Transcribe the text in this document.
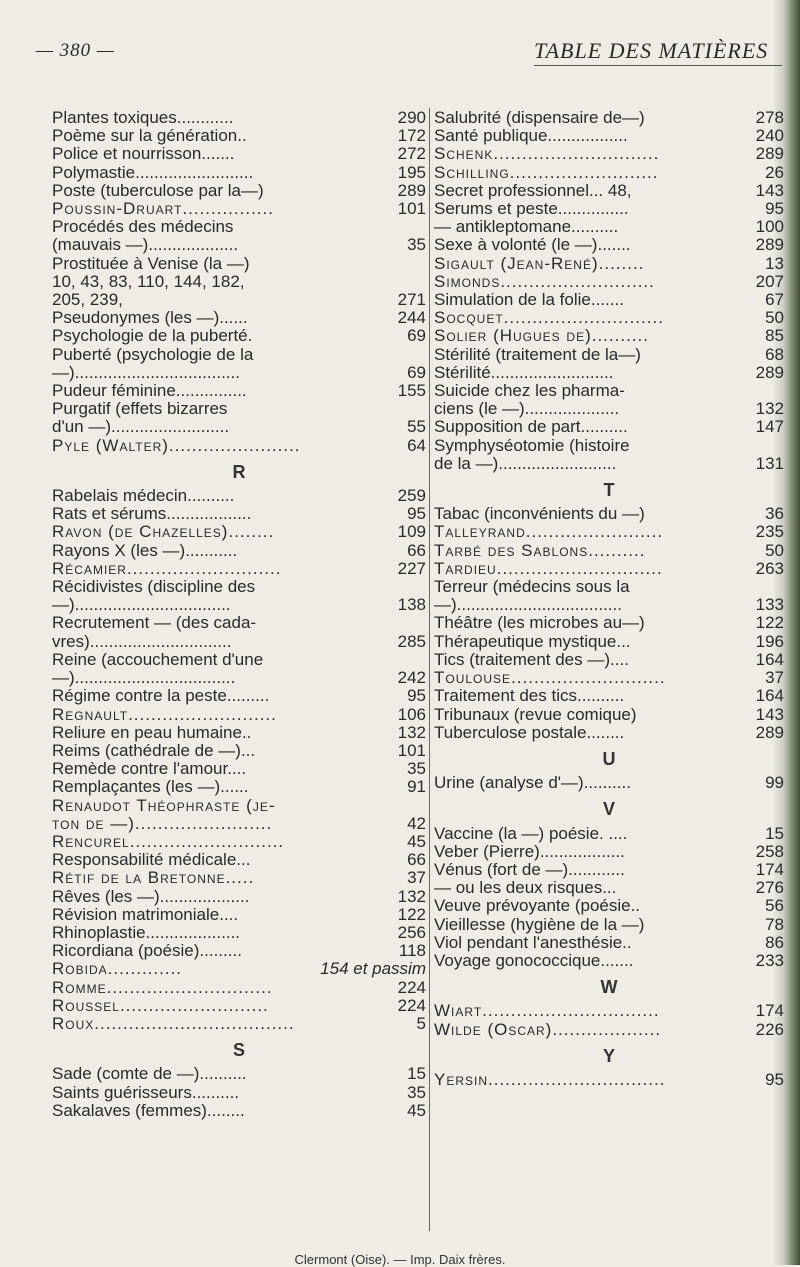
— 380 —	TABLE DES MATIÈRES
Plantes toxiques............	290
Poème sur la génération..	172
Police et nourrisson.......	272
Polymastie.........................	195
Poste (tuberculose par la—)	289
Poussin-Druart................	101
Procédés des médecins
(mauvais —)...................	35
Prostituée à Venise (la —)
10, 43, 83, 110, 144, 182,
205, 239,	271
Pseudonymes (les —)......	244
Psychologie de la puberté.	69
Puberté (psychologie de la
—)...................................	69
Pudeur féminine...............	155
Purgatif (effets bizarres
d'un —).........................	55
Pyle (Walter).......................	64
R
Rabelais médecin..........	259
Rats et sérums..................	95
Ravon (de Chazelles)........	109
Rayons X (les —)...........	66
Récamier...........................	227
Récidivistes (discipline des
—).................................	138
Recrutement — (des cada-
vres)..............................	285
Reine (accouchement d'une
—)..................................	242
Régime contre la peste.........	95
Regnault..........................	106
Reliure en peau humaine..	132
Reims (cathédrale de —)...	101
Remède contre l'amour....	35
Remplaçantes (les —)......	91
Renaudot Théophraste (je-
ton de —)........................	42
Rencurel...........................	45
Responsabilité médicale...	66
Rétif de la Bretonne.....	37
Rêves (les —)...................	132
Révision matrimoniale....	122
Rhinoplastie....................	256
Ricordiana (poésie).........	118
Robida.............	154 et passim
Romme.............................	224
Roussel..........................	224
Roux...................................	5
S
Sade (comte de —)..........	15
Saints guérisseurs..........	35
Sakalaves (femmes)........	45
Salubrité (dispensaire de—)	278
Santé publique.................	240
Schenk.............................	289
Schilling..........................	26
Secret professionnel... 48,	143
Serums et peste...............	95
— antikleptomane..........	100
Sexe à volonté (le —).......	289
Sigault (Jean-René)........	13
Simonds...........................	207
Simulation de la folie.......	67
Socquet............................	50
Solier (Hugues de)..........	85
Stérilité (traitement de la—)	68
Stérilité..........................	289
Suicide chez les pharma-
ciens (le —)....................	132
Supposition de part..........	147
Symphyséotomie (histoire
de la —).........................	131
T
Tabac (inconvénients du —)	36
Talleyrand........................	235
Tarbé des Sablons..........	50
Tardieu.............................	263
Terreur (médecins sous la
—)...................................	133
Théâtre (les microbes au—)	122
Thérapeutique mystique...	196
Tics (traitement des —)....	164
Toulouse...........................	37
Traitement des tics..........	164
Tribunaux (revue comique)	143
Tuberculose postale........	289
U
Urine (analyse d'—)..........	99
V
Vaccine (la —) poésie. ....	15
Veber (Pierre)..................	258
Vénus (fort de —)............	174
— ou les deux risques...	276
Veuve prévoyante (poésie..	56
Vieillesse (hygiène de la —)	78
Viol pendant l'anesthésie..	86
Voyage gonococcique.......	233
W
Wiart...............................	174
Wilde (Oscar)...................	226
Y
Yersin...............................	95
Clermont (Oise). — Imp. Daix frères.
